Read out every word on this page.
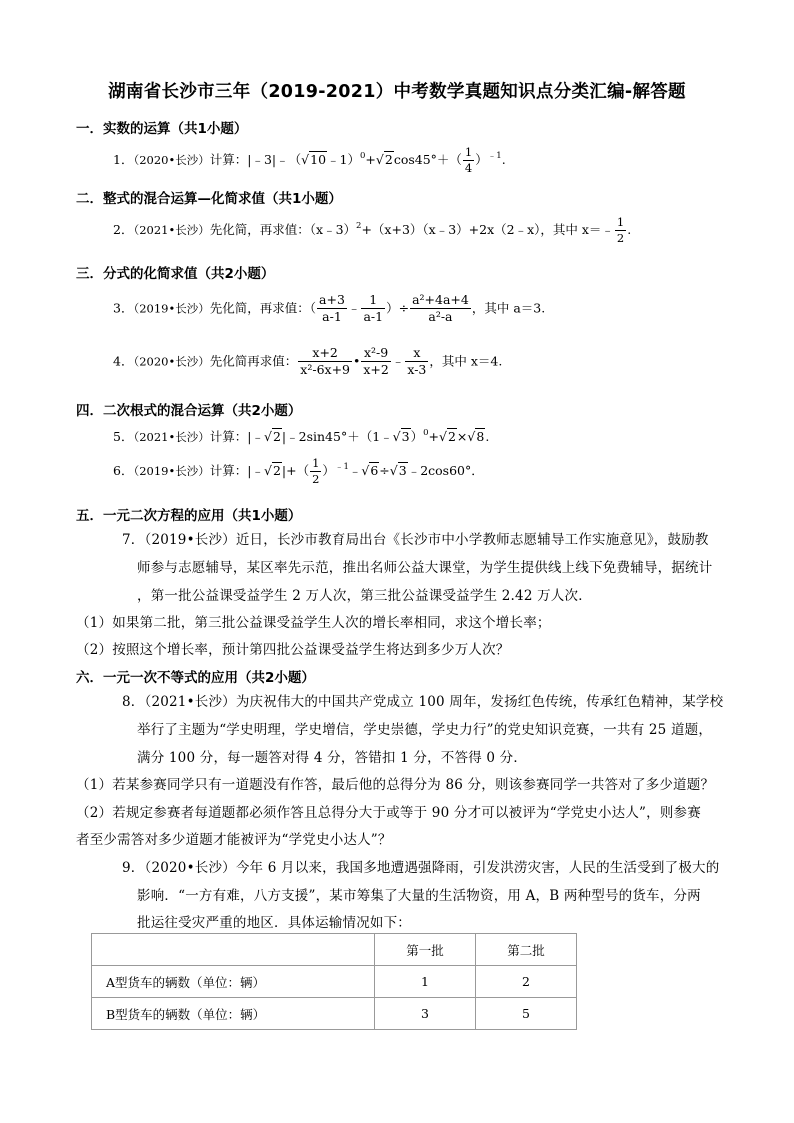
湖南省长沙市三年（2019-2021）中考数学真题知识点分类汇编-解答题
一．实数的运算（共1小题）
1．（2020•长沙）计算：|﹣3|﹣（√10﹣1）$^0$+√2cos45°＋（ $\frac{1}{4} )^{﹣1}$.
二．整式的混合运算—化简求值（共1小题）
2．（2021•长沙）先化简，再求值：（x﹣3）$^2$+（x+3）（x﹣3）+2x（2﹣x），其中 x＝﹣ $\frac{1}{2}$ .
三．分式的化简求值（共2小题）
3．（2019•长沙）先化简，再求值：（ $\frac{a+3}{a-1}$ ﹣ $\frac{1}{a-1}$ ）÷ $\frac{\text{a²+4a+4}}{\text{a²-a}}$ ，其中 a＝3.
4．（2020•长沙）先化简再求值： $\frac{x+2}{\text{x²-6x+9}}$ • $\frac{\text{x²-9}}{x+2}$ ﹣ $\frac{x}{x-3}$ ，其中 x＝4.
四．二次根式的混合运算（共2小题）
5．（2021•长沙）计算：|﹣√2|﹣2sin45°＋（1﹣√3）$^0$+√2×√8.
6．（2019•长沙）计算：|﹣√2|+（ $\frac{1}{2}$ ）$^{﹣1}$﹣√6÷√3﹣2cos60°．
五．一元二次方程的应用（共1小题）
7．（2019•长沙）近日，长沙市教育局出台《长沙市中小学教师志愿辅导工作实施意见》，鼓励教
师参与志愿辅导，某区率先示范，推出名师公益大课堂，为学生提供线上线下免费辅导，据统计
，第一批公益课受益学生 2 万人次，第三批公益课受益学生 2.42 万人次．
（1）如果第二批，第三批公益课受益学生人次的增长率相同，求这个增长率；
（2）按照这个增长率，预计第四批公益课受益学生将达到多少万人次？
六．一元一次不等式的应用（共2小题）
8．（2021•长沙）为庆祝伟大的中国共产党成立 100 周年，发扬红色传统，传承红色精神，某学校
举行了主题为“学史明理，学史增信，学史崇德，学史力行”的党史知识竞赛，一共有 25 道题，
满分 100 分，每一题答对得 4 分，答错扣 1 分，不答得 0 分．
（1）若某参赛同学只有一道题没有作答，最后他的总得分为 86 分，则该参赛同学一共答对了多少道题？
（2）若规定参赛者每道题都必须作答且总得分大于或等于 90 分才可以被评为“学党史小达人”，则参赛
者至少需答对多少道题才能被评为“学党史小达人”？
9．（2020•长沙）今年 6 月以来，我国多地遭遇强降雨，引发洪涝灾害，人民的生活受到了极大的
影响．“一方有难，八方支援”，某市筹集了大量的生活物资，用 A，B 两种型号的货车，分两
批运往受灾严重的地区．具体运输情况如下：
	第一批	第二批
A型货车的辆数（单位：辆）	1	2
B型货车的辆数（单位：辆）	3	5
